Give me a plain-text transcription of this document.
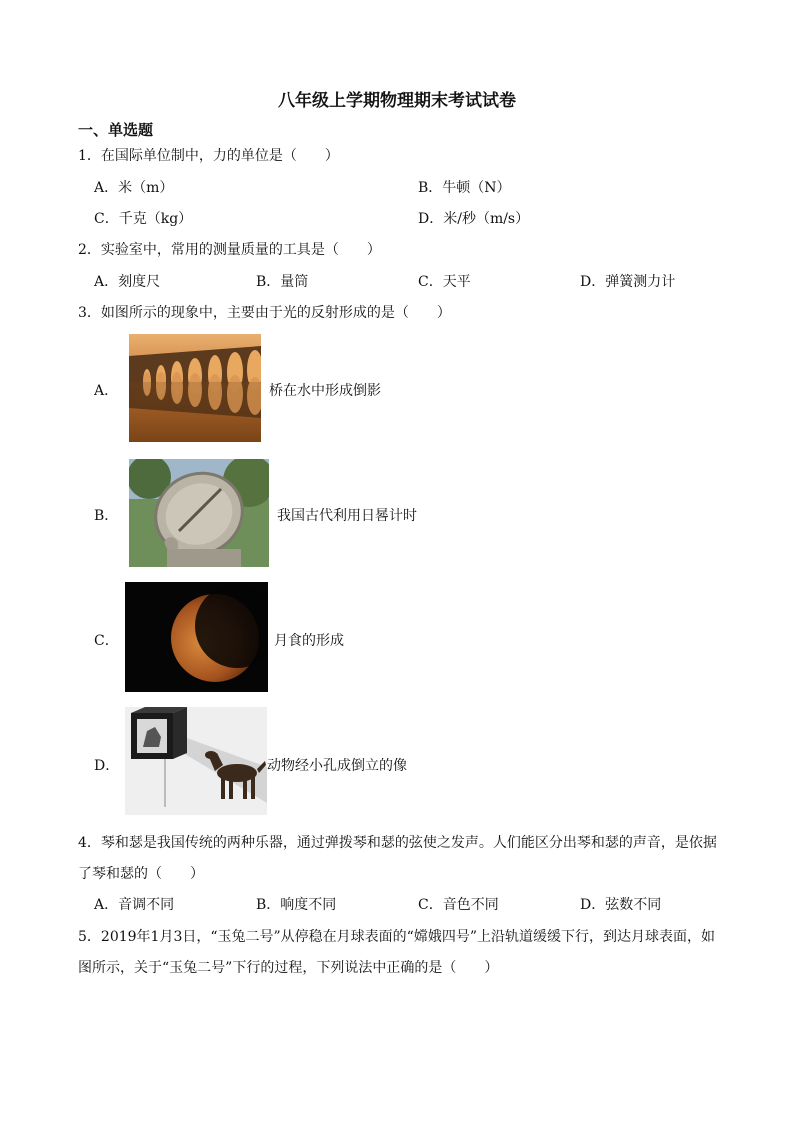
八年级上学期物理期末考试试卷
一、单选题
1．在国际单位制中，力的单位是（　　）
A．米（m）	B．牛顿（N）
C．千克（kg）	D．米/秒（m/s）
2．实验室中，常用的测量质量的工具是（　　）
A．刻度尺	B．量筒	C．天平	D．弹簧测力计
3．如图所示的现象中，主要由于光的反射形成的是（　　）
A．	桥在水中形成倒影
B．	我国古代利用日晷计时
C．	月食的形成
D．	动物经小孔成倒立的像
4．琴和瑟是我国传统的两种乐器，通过弹拨琴和瑟的弦使之发声。人们能区分出琴和瑟的声音，是依据
了琴和瑟的（　　）
A．音调不同	B．响度不同	C．音色不同	D．弦数不同
5．2019年1月3日，“玉兔二号”从停稳在月球表面的“嫦娥四号”上沿轨道缓缓下行，到达月球表面，如
图所示，关于“玉兔二号”下行的过程，下列说法中正确的是（　　）
